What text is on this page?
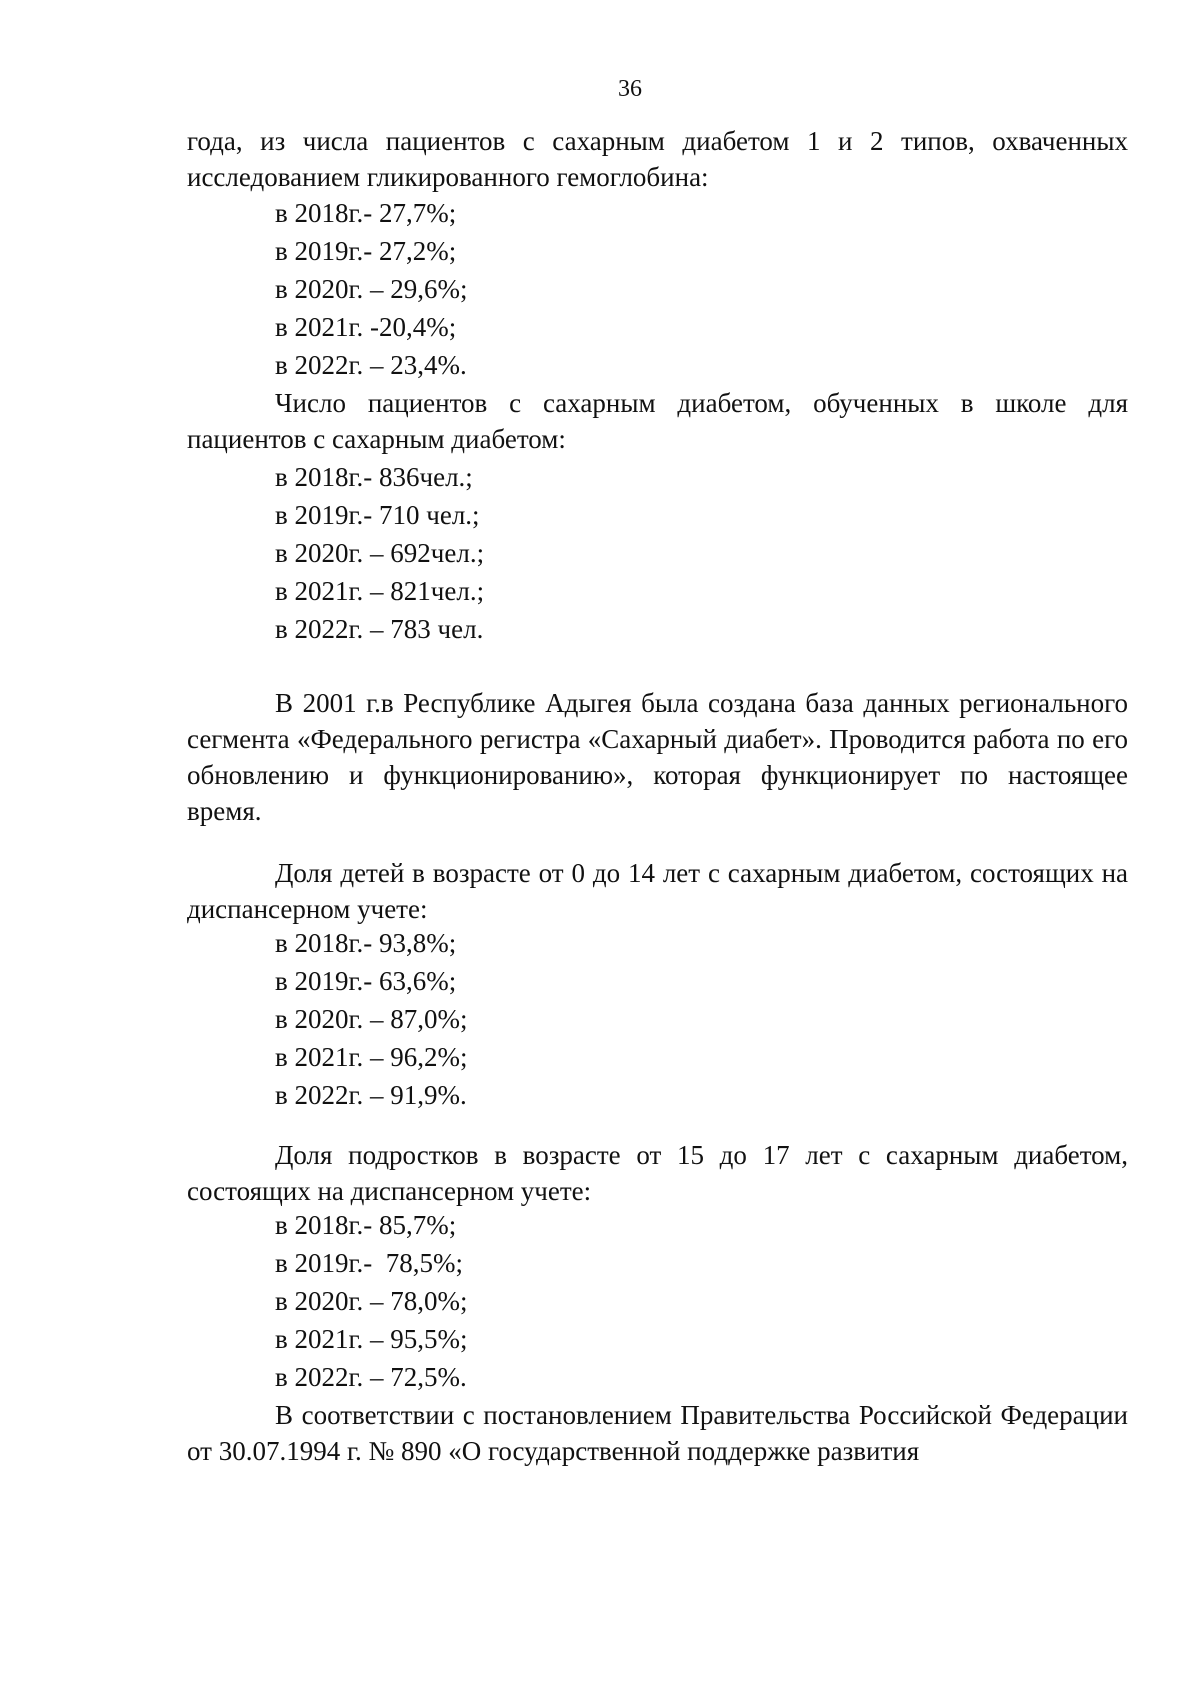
36

года, из числа пациентов с сахарным диабетом 1 и 2 типов, охваченных исследованием гликированного гемоглобина:

в 2018г.- 27,7%;
в 2019г.- 27,2%;
в 2020г. – 29,6%;
в 2021г. -20,4%;
в 2022г. – 23,4%.

Число пациентов с сахарным диабетом, обученных в школе для пациентов с сахарным диабетом:

в 2018г.- 836чел.;
в 2019г.- 710 чел.;
в 2020г. – 692чел.;
в 2021г. – 821чел.;
в 2022г. – 783 чел.

В 2001 г.в Республике Адыгея была создана база данных регионального сегмента «Федерального регистра «Сахарный диабет». Проводится работа по его обновлению и функционированию», которая функционирует по настоящее время.

Доля детей в возрасте от 0 до 14 лет с сахарным диабетом, состоящих на диспансерном учете:

в 2018г.- 93,8%;
в 2019г.- 63,6%;
в 2020г. – 87,0%;
в 2021г. – 96,2%;
в 2022г. – 91,9%.

Доля подростков в возрасте от 15 до 17 лет с сахарным диабетом, состоящих на диспансерном учете:

в 2018г.- 85,7%;
в 2019г.-  78,5%;
в 2020г. – 78,0%;
в 2021г. – 95,5%;
в 2022г. – 72,5%.

В соответствии с постановлением Правительства Российской Федерации от 30.07.1994 г. № 890 «О государственной поддержке развития
